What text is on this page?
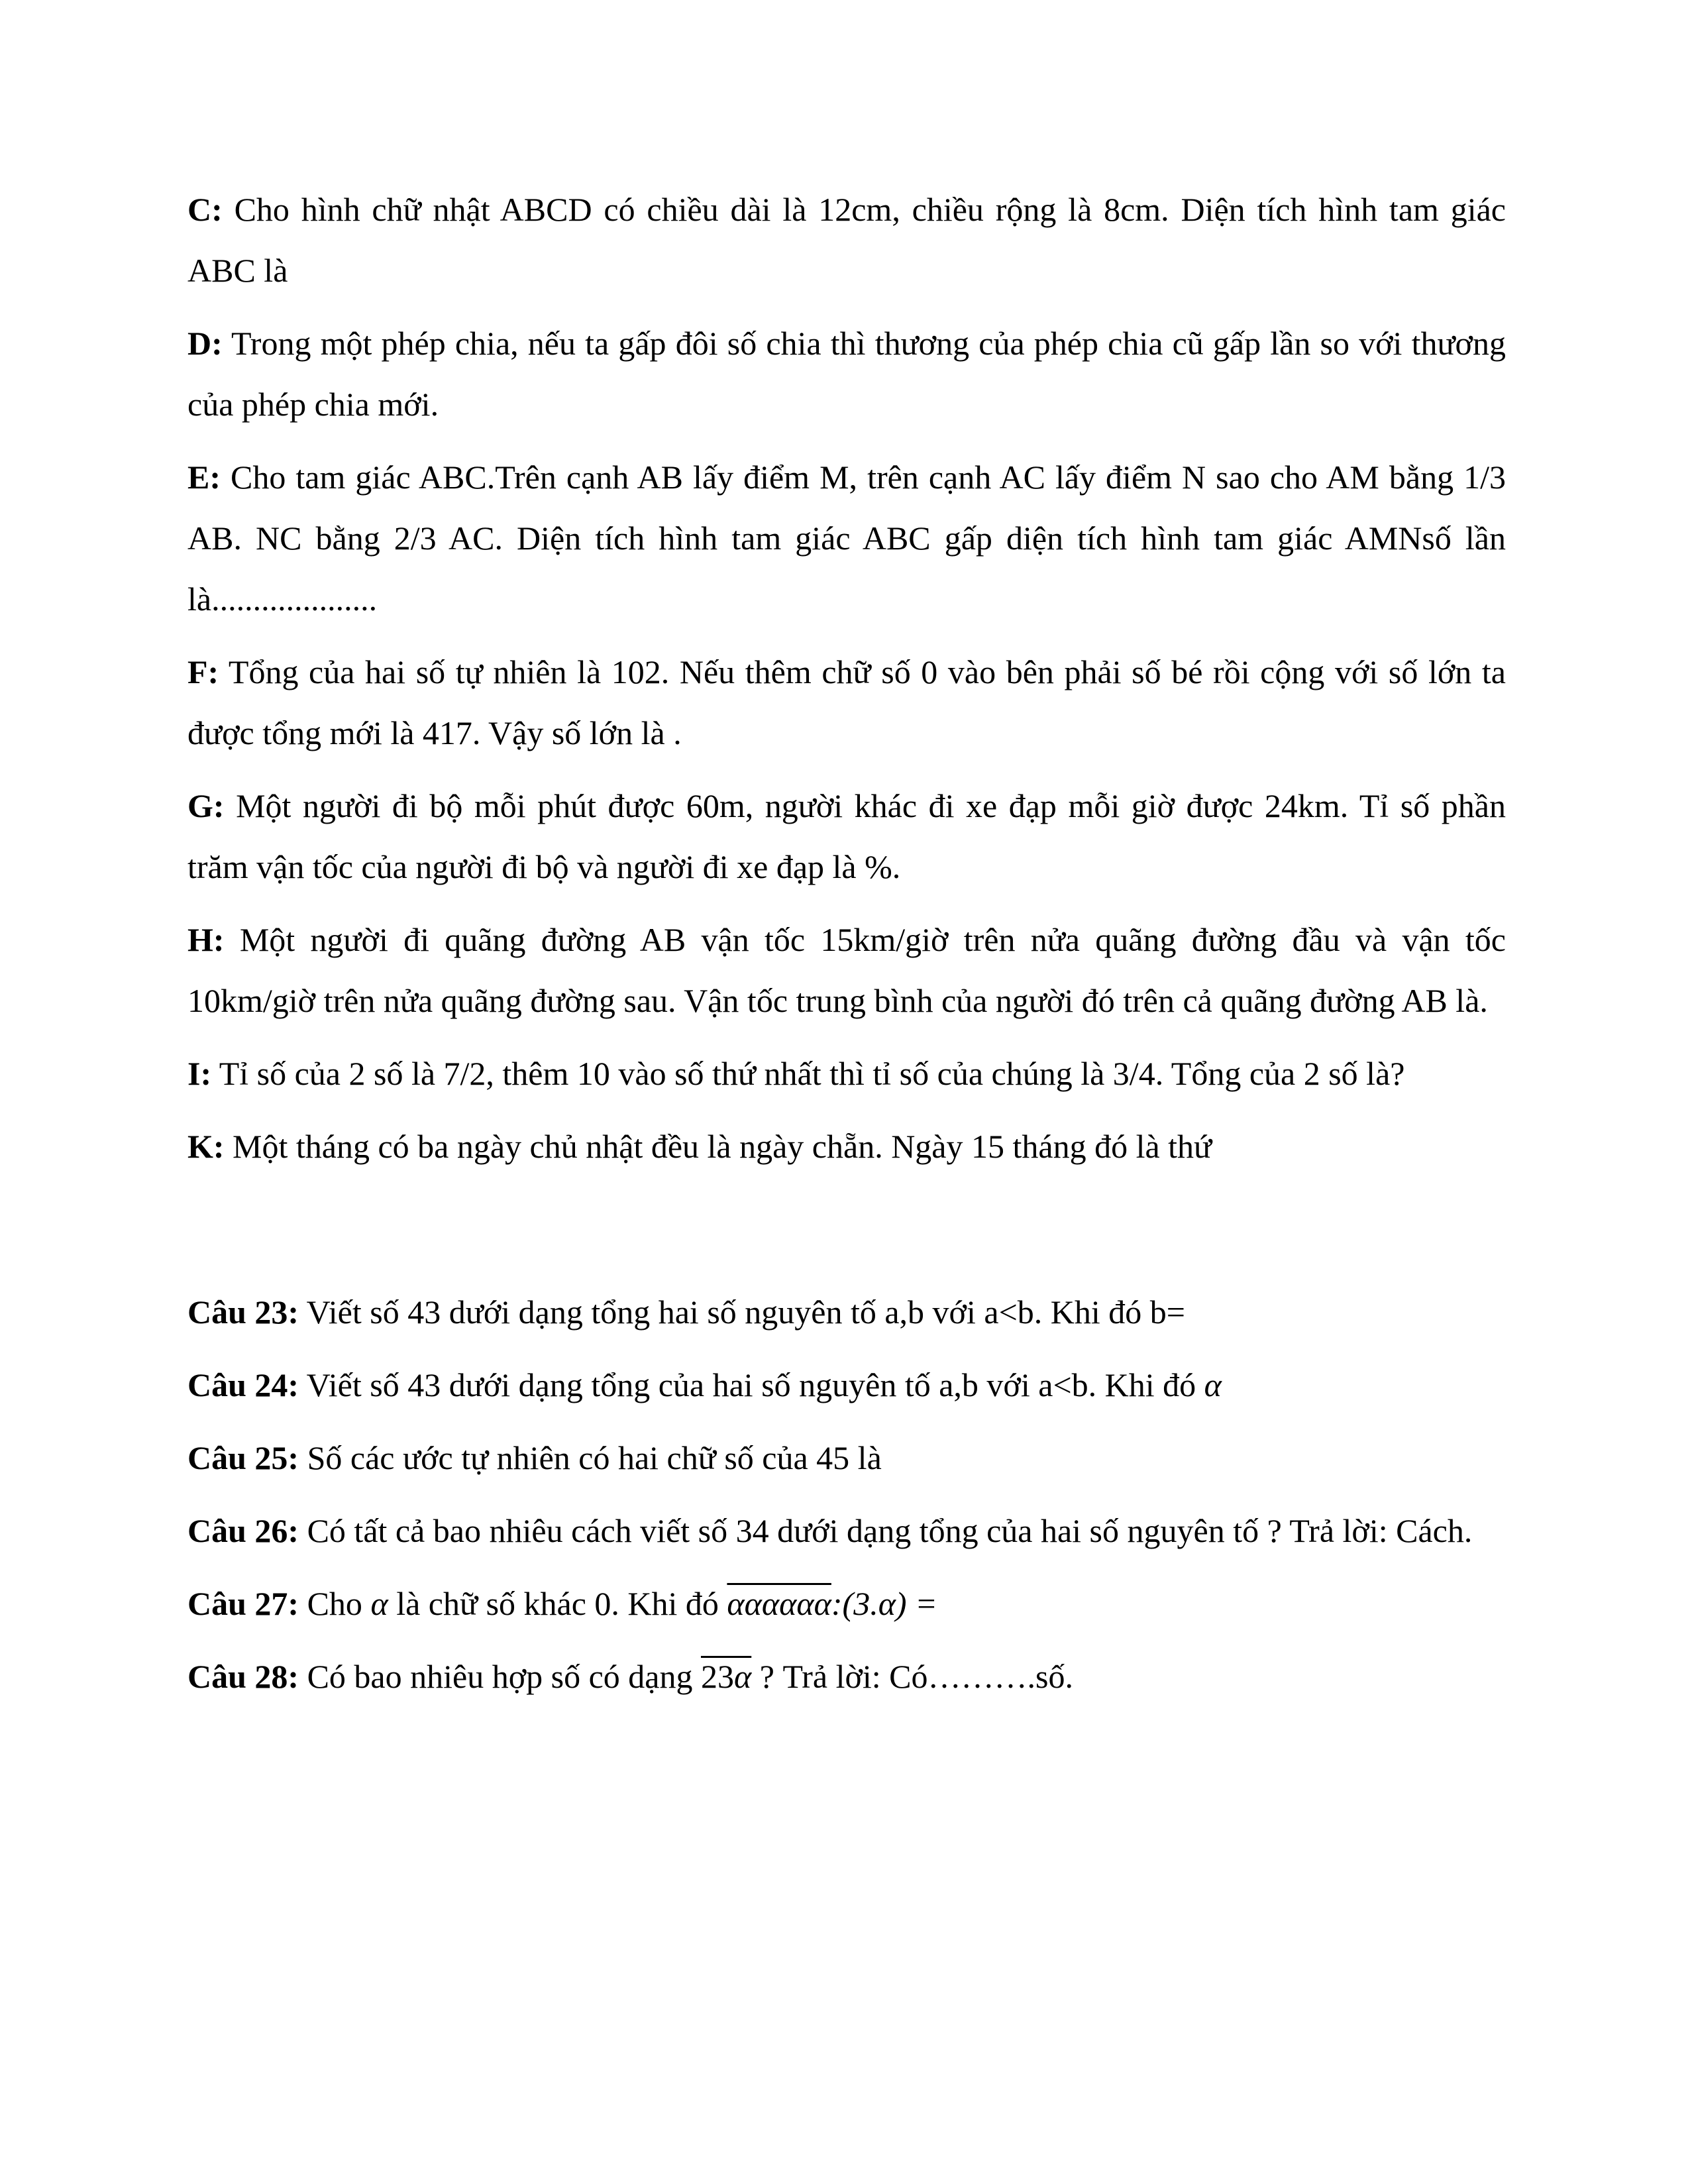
C: Cho hình chữ nhật ABCD có chiều dài là 12cm, chiều rộng là 8cm. Diện tích hình tam giác ABC là

D: Trong một phép chia, nếu ta gấp đôi số chia thì thương của phép chia cũ gấp lần so với thương của phép chia mới.

E: Cho tam giác ABC.Trên cạnh AB lấy điểm M, trên cạnh AC lấy điểm N sao cho AM bằng 1/3 AB. NC bằng 2/3 AC. Diện tích hình tam giác ABC gấp diện tích hình tam giác AMNsố lần là....................

F: Tổng của hai số tự nhiên là 102. Nếu thêm chữ số 0 vào bên phải số bé rồi cộng với số lớn ta được tổng mới là 417. Vậy số lớn là .

G: Một người đi bộ mỗi phút được 60m, người khác đi xe đạp mỗi giờ được 24km. Tỉ số phần trăm vận tốc của người đi bộ và người đi xe đạp là %.

H: Một người đi quãng đường AB vận tốc 15km/giờ trên nửa quãng đường đầu và vận tốc 10km/giờ trên nửa quãng đường sau. Vận tốc trung bình của người đó trên cả quãng đường AB là.

I: Tỉ số của 2 số là 7/2, thêm 10 vào số thứ nhất thì tỉ số của chúng là 3/4. Tổng của 2 số là?

K: Một tháng có ba ngày chủ nhật đều là ngày chẵn. Ngày 15 tháng đó là thứ

Câu 23: Viết số 43 dưới dạng tổng hai số nguyên tố a,b với a<b. Khi đó b=

Câu 24: Viết số 43 dưới dạng tổng của hai số nguyên tố a,b với a<b. Khi đó α

Câu 25: Số các ước tự nhiên có hai chữ số của 45 là

Câu 26: Có tất cả bao nhiêu cách viết số 34 dưới dạng tổng của hai số nguyên tố ? Trả lời: Cách.

Câu 27: Cho α là chữ số khác 0. Khi đó αααααα:(3.α) =

Câu 28: Có bao nhiêu hợp số có dạng 23α ? Trả lời: Có……….số.
